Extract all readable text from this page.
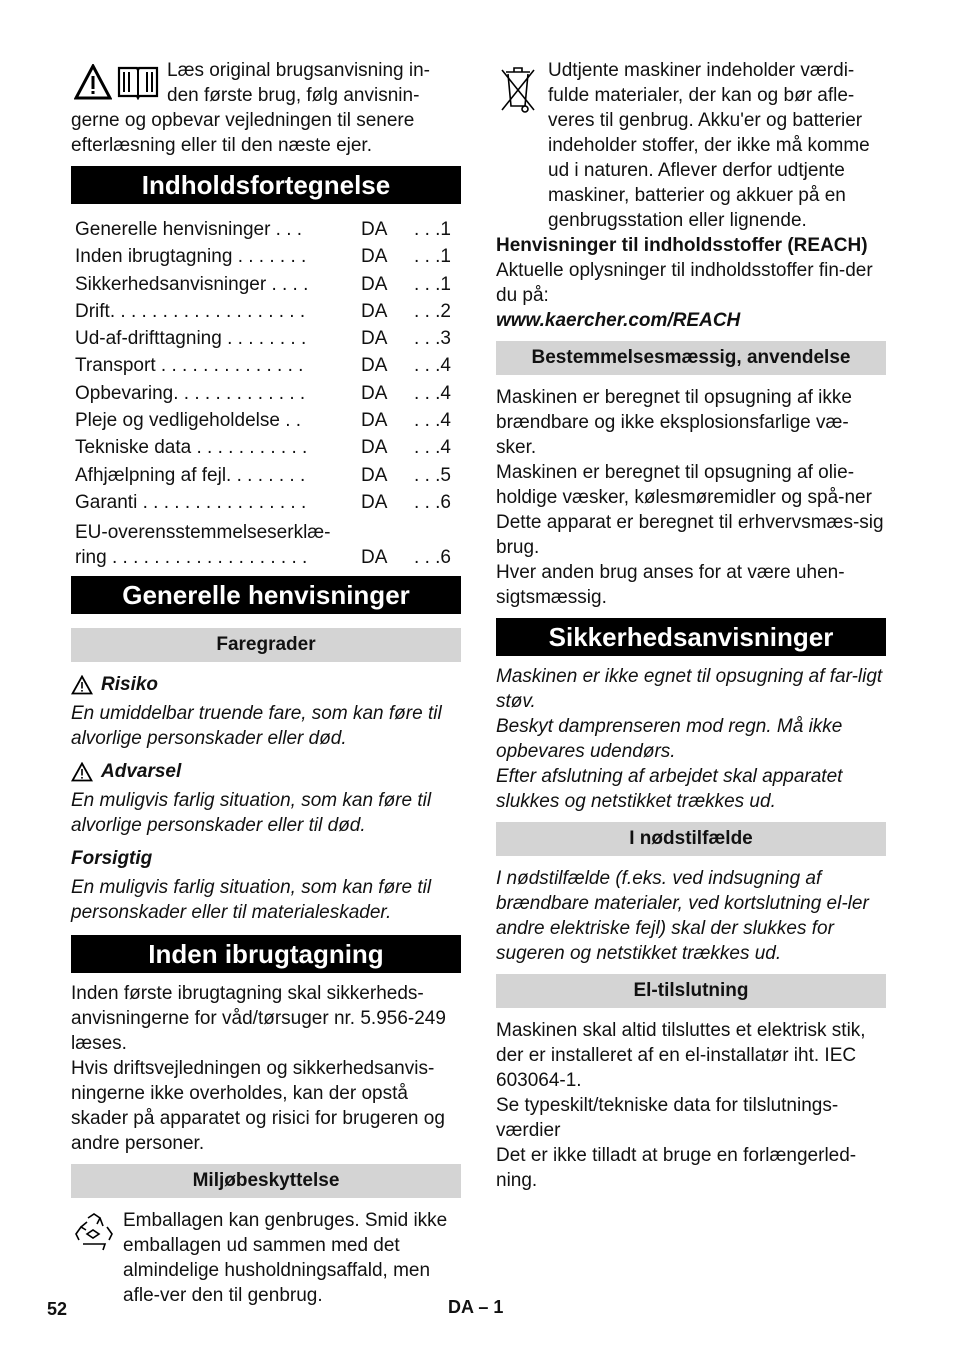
Læs original brugsanvisning in-
den første brug, følg anvisnin-

gerne og opbevar vejledningen til senere efterlæsning eller til den næste ejer.

Indholdsfortegnelse
Generelle henvisninger . . .	DA	. . .1
Inden ibrugtagning . . . . . . .	DA	. . .1
Sikkerhedsanvisninger . . . .	DA	. . .1
Drift. . . . . . . . . . . . . . . . . . .	DA	. . .2
Ud-af-drifttagning . . . . . . . .	DA	. . .3
Transport . . . . . . . . . . . . . .	DA	. . .4
Opbevaring. . . . . . . . . . . . .	DA	. . .4
Pleje og vedligeholdelse . .	DA	. . .4
Tekniske data . . . . . . . . . . .	DA	. . .4
Afhjælpning af fejl. . . . . . . .	DA	. . .5
Garanti . . . . . . . . . . . . . . . .	DA	. . .6
EU-overensstemmelseserklæ-
ring . . . . . . . . . . . . . . . . . . .	DA	. . .6
Generelle henvisninger
Faregrader
Risiko

En umiddelbar truende fare, som kan føre til alvorlige personskader eller død.

Advarsel

En muligvis farlig situation, som kan føre til alvorlige personskader eller til død.

Forsigtig

En muligvis farlig situation, som kan føre til personskader eller til materialeskader.

Inden ibrugtagning

Inden første ibrugtagning skal sikkerheds-anvisningerne for våd/tørsuger nr. 5.956-249 læses.

Hvis driftsvejledningen og sikkerhedsanvis-ningerne ikke overholdes, kan der opstå skader på apparatet og risici for brugeren og andre personer.

Miljøbeskyttelse

Emballagen kan genbruges. Smid ikke emballagen ud sammen med det almindelige husholdningsaffald, men afle-ver den til genbrug.

Udtjente maskiner indeholder værdi-fulde materialer, der kan og bør afle-veres til genbrug. Akku'er og batterier indeholder stoffer, der ikke må komme ud i naturen. Aflever derfor udtjente maskiner, batterier og akkuer på en genbrugsstation eller lignende.

Henvisninger til indholdsstoffer (REACH)

Aktuelle oplysninger til indholdsstoffer fin-der du på:

www.kaercher.com/REACH

Bestemmelsesmæssig, anvendelse

Maskinen er beregnet til opsugning af ikke brændbare og ikke eksplosionsfarlige væ-sker.

Maskinen er beregnet til opsugning af olie-holdige væsker, kølesmøremidler og spå-ner

Dette apparat er beregnet til erhvervsmæs-sig brug.

Hver anden brug anses for at være uhen-sigtsmæssig.

Sikkerhedsanvisninger

Maskinen er ikke egnet til opsugning af far-ligt støv.

Beskyt damprenseren mod regn. Må ikke opbevares udendørs.

Efter afslutning af arbejdet skal apparatet slukkes og netstikket trækkes ud.

I nødstilfælde

I nødstilfælde (f.eks. ved indsugning af brændbare materialer, ved kortslutning el-ler andre elektriske fejl) skal der slukkes for sugeren og netstikket trækkes ud.

El-tilslutning

Maskinen skal altid tilsluttes et elektrisk stik, der er installeret af en el-installatør iht. IEC 603064-1.

Se typeskilt/tekniske data for tilslutnings-værdier

Det er ikke tilladt at bruge en forlængerled-ning.

52	DA – 1
